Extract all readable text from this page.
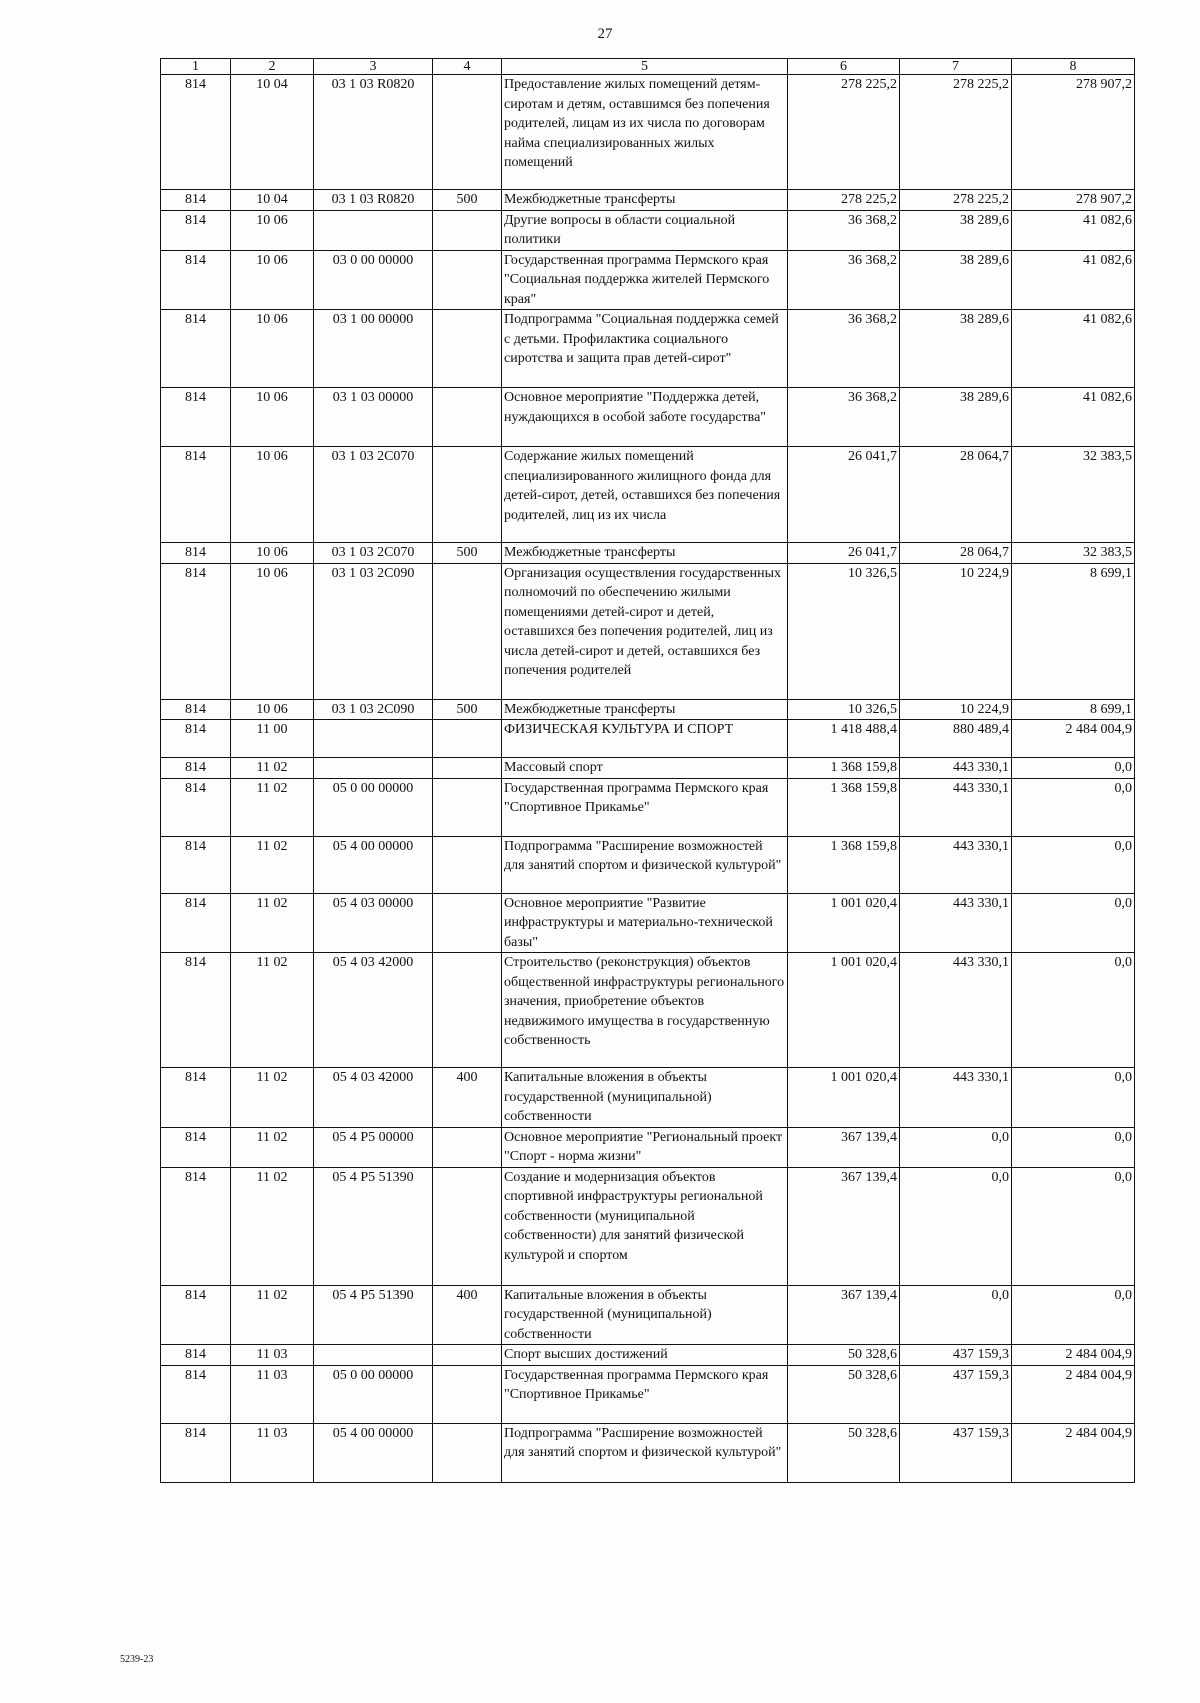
27
1	2	3	4	5	6	7	8
814	10 04	03 1 03 R0820		Предоставление жилых помещений детям-сиротам и детям, оставшимся без попечения родителей, лицам из их числа по договорам найма специализированных жилых помещений	278 225,2	278 225,2	278 907,2
814	10 04	03 1 03 R0820	500	Межбюджетные трансферты	278 225,2	278 225,2	278 907,2
814	10 06			Другие вопросы в области социальной политики	36 368,2	38 289,6	41 082,6
814	10 06	03 0 00 00000		Государственная программа Пермского края "Социальная поддержка жителей Пермского края"	36 368,2	38 289,6	41 082,6
814	10 06	03 1 00 00000		Подпрограмма "Социальная поддержка семей с детьми. Профилактика социального сиротства и защита прав детей-сирот"	36 368,2	38 289,6	41 082,6
814	10 06	03 1 03 00000		Основное мероприятие "Поддержка детей, нуждающихся в особой заботе государства"	36 368,2	38 289,6	41 082,6
814	10 06	03 1 03 2С070		Содержание жилых помещений специализированного жилищного фонда для детей-сирот, детей, оставшихся без попечения родителей, лиц из их числа	26 041,7	28 064,7	32 383,5
814	10 06	03 1 03 2С070	500	Межбюджетные трансферты	26 041,7	28 064,7	32 383,5
814	10 06	03 1 03 2С090		Организация осуществления государственных полномочий по обеспечению жилыми помещениями детей-сирот и детей, оставшихся без попечения родителей, лиц из числа детей-сирот и детей, оставшихся без попечения родителей	10 326,5	10 224,9	8 699,1
814	10 06	03 1 03 2С090	500	Межбюджетные трансферты	10 326,5	10 224,9	8 699,1
814	11 00			ФИЗИЧЕСКАЯ КУЛЬТУРА И СПОРТ	1 418 488,4	880 489,4	2 484 004,9
814	11 02			Массовый спорт	1 368 159,8	443 330,1	0,0
814	11 02	05 0 00 00000		Государственная программа Пермского края "Спортивное Прикамье"	1 368 159,8	443 330,1	0,0
814	11 02	05 4 00 00000		Подпрограмма "Расширение возможностей для занятий спортом и физической культурой"	1 368 159,8	443 330,1	0,0
814	11 02	05 4 03 00000		Основное мероприятие "Развитие инфраструктуры и материально-технической базы"	1 001 020,4	443 330,1	0,0
814	11 02	05 4 03 42000		Строительство (реконструкция) объектов общественной инфраструктуры регионального значения, приобретение объектов недвижимого имущества в государственную собственность	1 001 020,4	443 330,1	0,0
814	11 02	05 4 03 42000	400	Капитальные вложения в объекты государственной (муниципальной) собственности	1 001 020,4	443 330,1	0,0
814	11 02	05 4 P5 00000		Основное мероприятие "Региональный проект "Спорт - норма жизни"	367 139,4	0,0	0,0
814	11 02	05 4 P5 51390		Создание и модернизация объектов спортивной инфраструктуры региональной собственности (муниципальной собственности) для занятий физической культурой и спортом	367 139,4	0,0	0,0
814	11 02	05 4 P5 51390	400	Капитальные вложения в объекты государственной (муниципальной) собственности	367 139,4	0,0	0,0
814	11 03			Спорт высших достижений	50 328,6	437 159,3	2 484 004,9
814	11 03	05 0 00 00000		Государственная программа Пермского края "Спортивное Прикамье"	50 328,6	437 159,3	2 484 004,9
814	11 03	05 4 00 00000		Подпрограмма "Расширение возможностей для занятий спортом и физической культурой"	50 328,6	437 159,3	2 484 004,9
5239-23
